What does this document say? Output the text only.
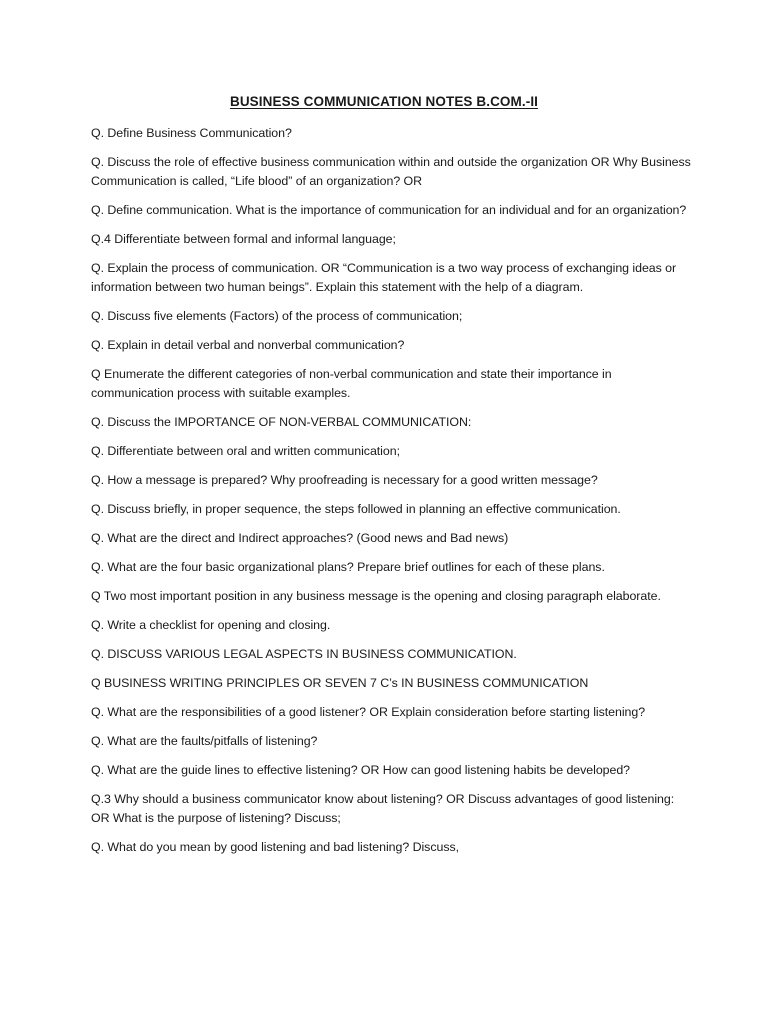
BUSINESS COMMUNICATION NOTES B.COM.-II
Q. Define Business Communication?
Q. Discuss the role of effective business communication within and outside the organization OR Why Business Communication is called, “Life blood” of an organization? OR
Q. Define communication. What is the importance of communication for an individual and for an organization?
Q.4 Differentiate between formal and informal language;
Q. Explain the process of communication. OR “Communication is a two way process of exchanging ideas or information between two human beings”. Explain this statement with the help of a diagram.
Q. Discuss five elements (Factors) of the process of communication;
Q. Explain in detail verbal and nonverbal communication?
Q Enumerate the different categories of non-verbal communication and state their importance in communication process with suitable examples.
Q. Discuss the IMPORTANCE OF NON-VERBAL COMMUNICATION:
Q. Differentiate between oral and written communication;
Q. How a message is prepared? Why proofreading is necessary for a good written message?
Q. Discuss briefly, in proper sequence, the steps followed in planning an effective communication.
Q. What are the direct and Indirect approaches? (Good news and Bad news)
Q. What are the four basic organizational plans? Prepare brief outlines for each of these plans.
Q Two most important position in any business message is the opening and closing paragraph elaborate.
Q. Write a checklist for opening and closing.
Q. DISCUSS VARIOUS LEGAL ASPECTS IN BUSINESS COMMUNICATION.
Q BUSINESS WRITING PRINCIPLES OR SEVEN 7 C’s IN BUSINESS COMMUNICATION
Q. What are the responsibilities of a good listener? OR Explain consideration before starting listening?
Q. What are the faults/pitfalls of listening?
Q. What are the guide lines to effective listening? OR How can good listening habits be developed?
Q.3 Why should a business communicator know about listening? OR Discuss advantages of good listening: OR What is the purpose of listening? Discuss;
Q. What do you mean by good listening and bad listening? Discuss,
